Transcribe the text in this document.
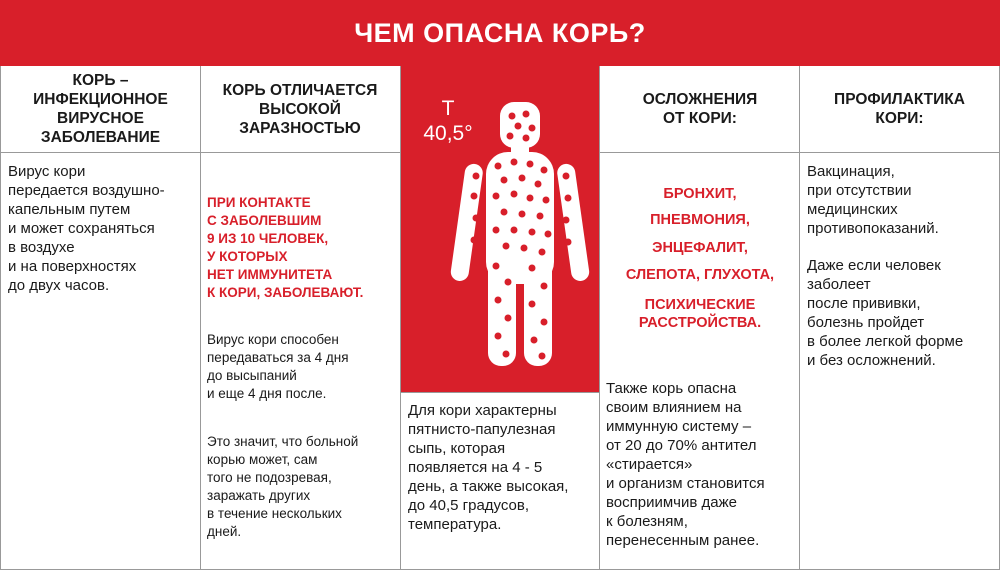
ЧЕМ ОПАСНА КОРЬ?
КОРЬ –
ИНФЕКЦИОННОЕ
ВИРУСНОЕ
ЗАБОЛЕВАНИЕ
Вирус кори
передается воздушно-
капельным путем
и может сохраняться
в воздухе
и на поверхностях
до двух часов.
КОРЬ ОТЛИЧАЕТСЯ
ВЫСОКОЙ
ЗАРАЗНОСТЬЮ
ПРИ КОНТАКТЕ
С ЗАБОЛЕВШИМ
9 ИЗ 10 ЧЕЛОВЕК,
У КОТОРЫХ
НЕТ ИММУНИТЕТА
К КОРИ, ЗАБОЛЕВАЮТ.
Вирус кори способен
передаваться за 4 дня
до высыпаний
и еще 4 дня после.
Это значит, что больной
корью может, сам
того не подозревая,
заражать других
в течение нескольких
дней.
Т
40,5°
Для кори характерны
пятнисто-папулезная
сыпь, которая
появляется на 4 - 5
день, а также высокая,
до 40,5 градусов,
температура.
ОСЛОЖНЕНИЯ
ОТ КОРИ:
БРОНХИТ,
ПНЕВМОНИЯ,
ЭНЦЕФАЛИТ,
СЛЕПОТА, ГЛУХОТА,
ПСИХИЧЕСКИЕ
РАССТРОЙСТВА.
Также корь опасна
своим влиянием на
иммунную систему –
от 20 до 70% антител
«стирается»
и организм становится
восприимчив даже
к болезням,
перенесенным ранее.
ПРОФИЛАКТИКА
КОРИ:
Вакцинация,
при отсутствии
медицинских
противопоказаний.
Даже если человек
заболеет
после прививки,
болезнь пройдет
в более легкой форме
и без осложнений.
